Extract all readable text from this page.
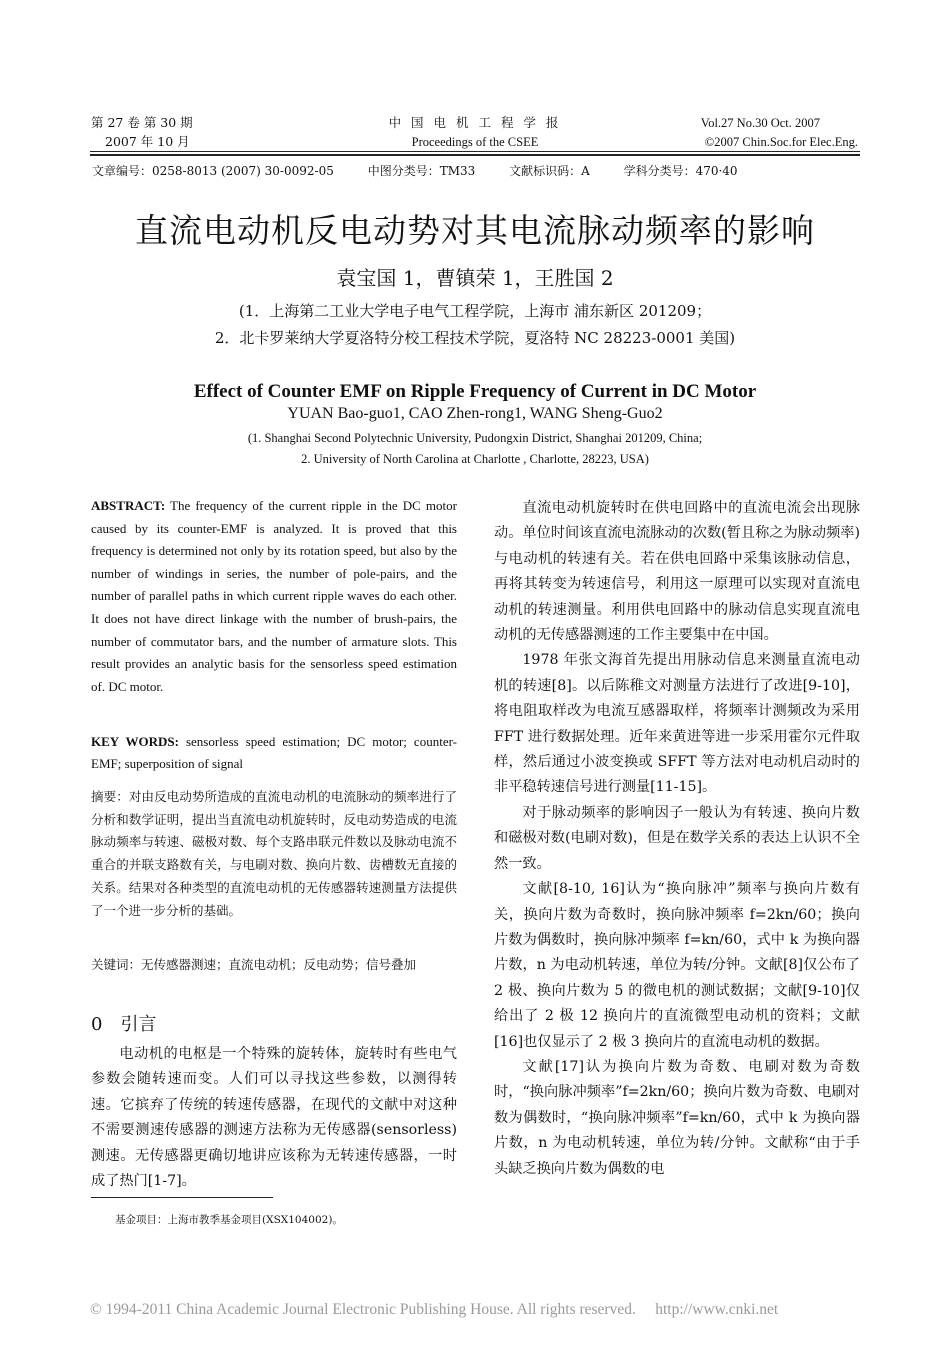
第 27 卷 第 30 期
2007 年 10 月
中 国 电 机 工 程 学 报
Proceedings of the CSEE
Vol.27 No.30 Oct. 2007
©2007 Chin.Soc.for Elec.Eng.
文章编号：0258-8013 (2007) 30-0092-05	中图分类号：TM33	文献标识码：A	学科分类号：470·40
直流电动机反电动势对其电流脉动频率的影响
袁宝国 1，曹镇荣 1，王胜国 2
(1．上海第二工业大学电子电气工程学院，上海市 浦东新区 201209；
2．北卡罗莱纳大学夏洛特分校工程技术学院，夏洛特 NC 28223-0001 美国)
Effect of Counter EMF on Ripple Frequency of Current in DC Motor
YUAN Bao-guo1, CAO Zhen-rong1, WANG Sheng-Guo2
(1. Shanghai Second Polytechnic University, Pudongxin District, Shanghai 201209, China;
2. University of North Carolina at Charlotte , Charlotte, 28223, USA)
ABSTRACT: The frequency of the current ripple in the DC motor caused by its counter-EMF is analyzed. It is proved that this frequency is determined not only by its rotation speed, but also by the number of windings in series, the number of pole-pairs, and the number of parallel paths in which current ripple waves do each other. It does not have direct linkage with the number of brush-pairs, the number of commutator bars, and the number of armature slots. This result provides an analytic basis for the sensorless speed estimation of. DC motor.
KEY WORDS: sensorless speed estimation; DC motor; counter-EMF; superposition of signal
摘要：对由反电动势所造成的直流电动机的电流脉动的频率进行了分析和数学证明，提出当直流电动机旋转时，反电动势造成的电流脉动频率与转速、磁极对数、每个支路串联元件数以及脉动电流不重合的并联支路数有关，与电刷对数、换向片数、齿槽数无直接的关系。结果对各种类型的直流电动机的无传感器转速测量方法提供了一个进一步分析的基础。
关键词：无传感器测速；直流电动机；反电动势；信号叠加
0　引言

电动机的电枢是一个特殊的旋转体，旋转时有些电气参数会随转速而变。人们可以寻找这些参数，以测得转速。它摈弃了传统的转速传感器，在现代的文献中对这种不需要测速传感器的测速方法称为无传感器(sensorless)测速。无传感器更确切地讲应该称为无转速传感器，一时成了热门[1-7]。

基金项目：上海市教季基金项目(XSX104002)。

直流电动机旋转时在供电回路中的直流电流会出现脉动。单位时间该直流电流脉动的次数(暂且称之为脉动频率)与电动机的转速有关。若在供电回路中采集该脉动信息，再将其转变为转速信号，利用这一原理可以实现对直流电动机的转速测量。利用供电回路中的脉动信息实现直流电动机的无传感器测速的工作主要集中在中国。

1978 年张文海首先提出用脉动信息来测量直流电动机的转速[8]。以后陈稚文对测量方法进行了改进[9-10]，将电阻取样改为电流互感器取样，将频率计测频改为采用 FFT 进行数据处理。近年来黄进等进一步采用霍尔元件取样，然后通过小波变换或 SFFT 等方法对电动机启动时的非平稳转速信号进行测量[11-15]。

对于脉动频率的影响因子一般认为有转速、换向片数和磁极对数(电刷对数)，但是在数学关系的表达上认识不全然一致。

文献[8-10, 16]认为“换向脉冲”频率与换向片数有关，换向片数为奇数时，换向脉冲频率 f=2kn/60；换向片数为偶数时，换向脉冲频率 f=kn/60，式中 k 为换向器片数，n 为电动机转速，单位为转/分钟。文献[8]仅公布了 2 极、换向片数为 5 的微电机的测试数据；文献[9-10]仅给出了 2 极 12 换向片的直流微型电动机的资料；文献[16]也仅显示了 2 极 3 换向片的直流电动机的数据。

文献[17]认为换向片数为奇数、电刷对数为奇数时，“换向脉冲频率”f=2kn/60；换向片数为奇数、电刷对数为偶数时，“换向脉冲频率”f=kn/60，式中 k 为换向器片数，n 为电动机转速，单位为转/分钟。文献称“由于手头缺乏换向片数为偶数的电

© 1994-2011 China Academic Journal Electronic Publishing House. All rights reserved.　 http://www.cnki.net
